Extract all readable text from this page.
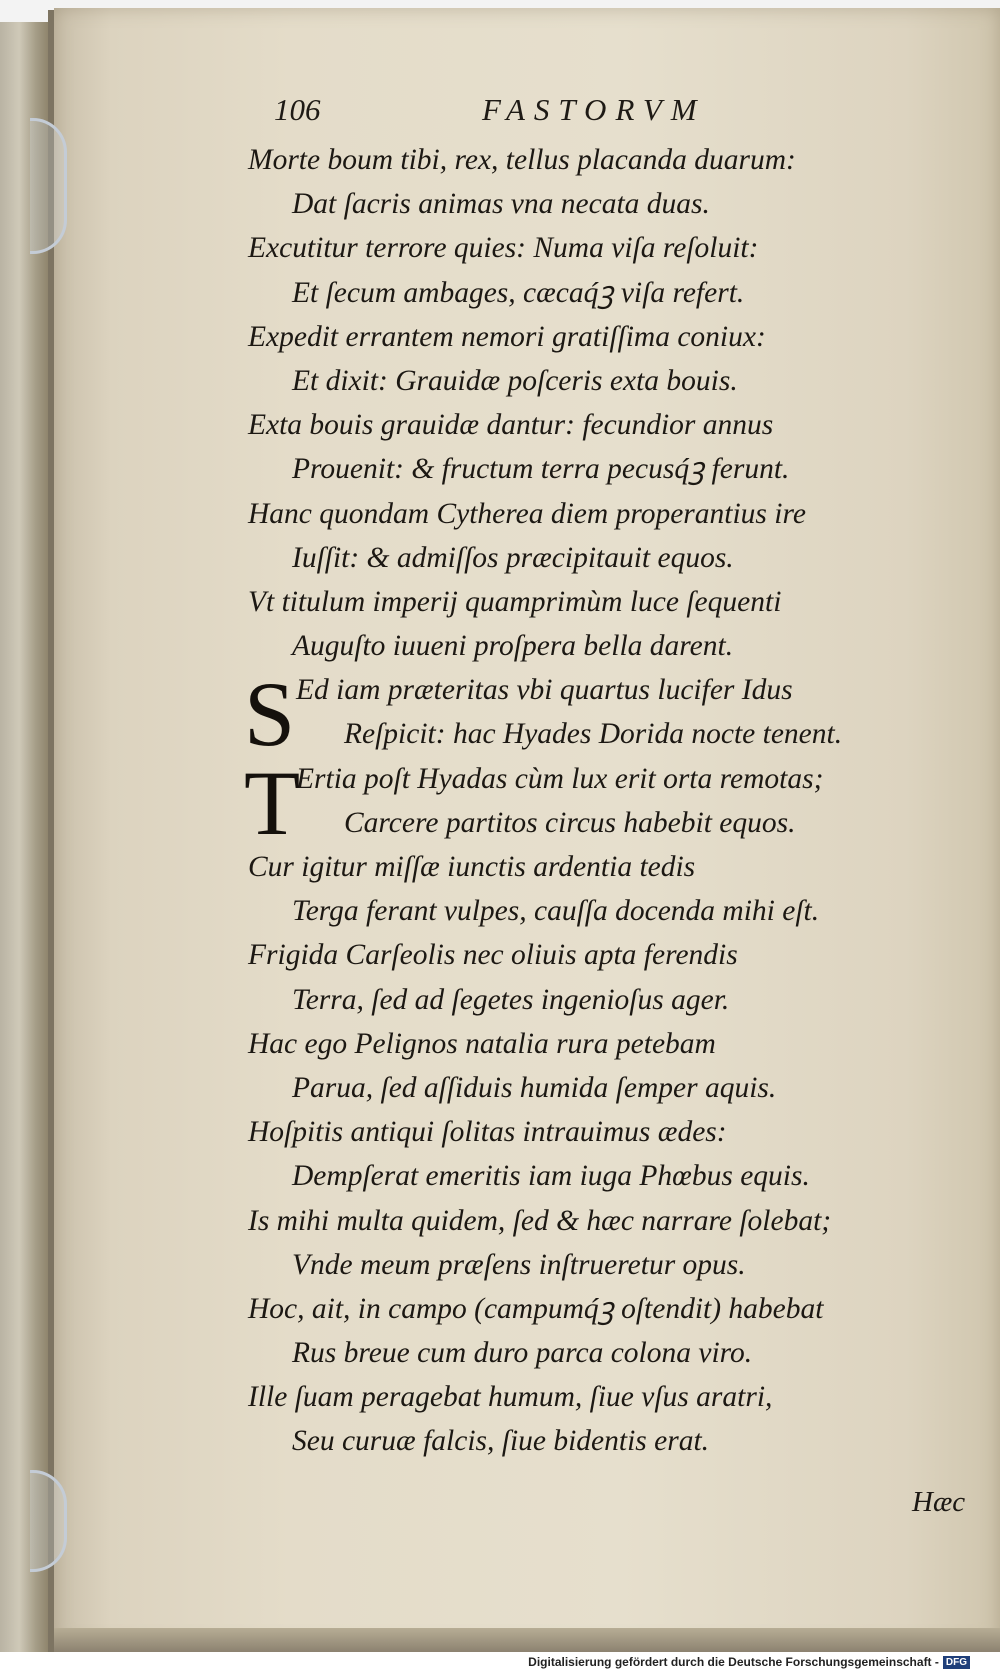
106	FASTORVM
Morte boum tibi, rex, tellus placanda duarum:
Dat ſacris animas vna necata duas.
Excutitur terrore quies: Numa viſa reſoluit:
Et ſecum ambages, cæcaq́ꝫ viſa refert.
Expedit errantem nemori gratiſſima coniux:
Et dixit: Grauidæ poſceris exta bouis.
Exta bouis grauidæ dantur: fecundior annus
Prouenit: & fructum terra pecusq́ꝫ ferunt.
Hanc quondam Cytherea diem properantius ire
Iuſſit: & admiſſos præcipitauit equos.
Vt titulum imperij quamprimùm luce ſequenti
Auguſto iuueni proſpera bella darent.
S Ed iam præteritas vbi quartus lucifer Idus
Reſpicit: hac Hyades Dorida nocte tenent.
T
Ertia poſt Hyadas cùm lux erit orta remotas;
Carcere partitos circus habebit equos.
Cur igitur miſſæ iunctis ardentia tedis
Terga ferant vulpes, cauſſa docenda mihi eſt.
Frigida Carſeolis nec oliuis apta ferendis
Terra, ſed ad ſegetes ingenioſus ager.
Hac ego Pelignos natalia rura petebam
Parua, ſed aſſiduis humida ſemper aquis.
Hoſpitis antiqui ſolitas intrauimus ædes:
Dempſerat emeritis iam iuga Phœbus equis.
Is mihi multa quidem, ſed & hæc narrare ſolebat;
Vnde meum præſens inſtrueretur opus.
Hoc, ait, in campo (campumq́ꝫ oſtendit) habebat
Rus breue cum duro parca colona viro.
Ille ſuam peragebat humum, ſiue vſus aratri,
Seu curuæ falcis, ſiue bidentis erat.
Hæc
Digitalisierung gefördert durch die Deutsche Forschungsgemeinschaft - DFG
